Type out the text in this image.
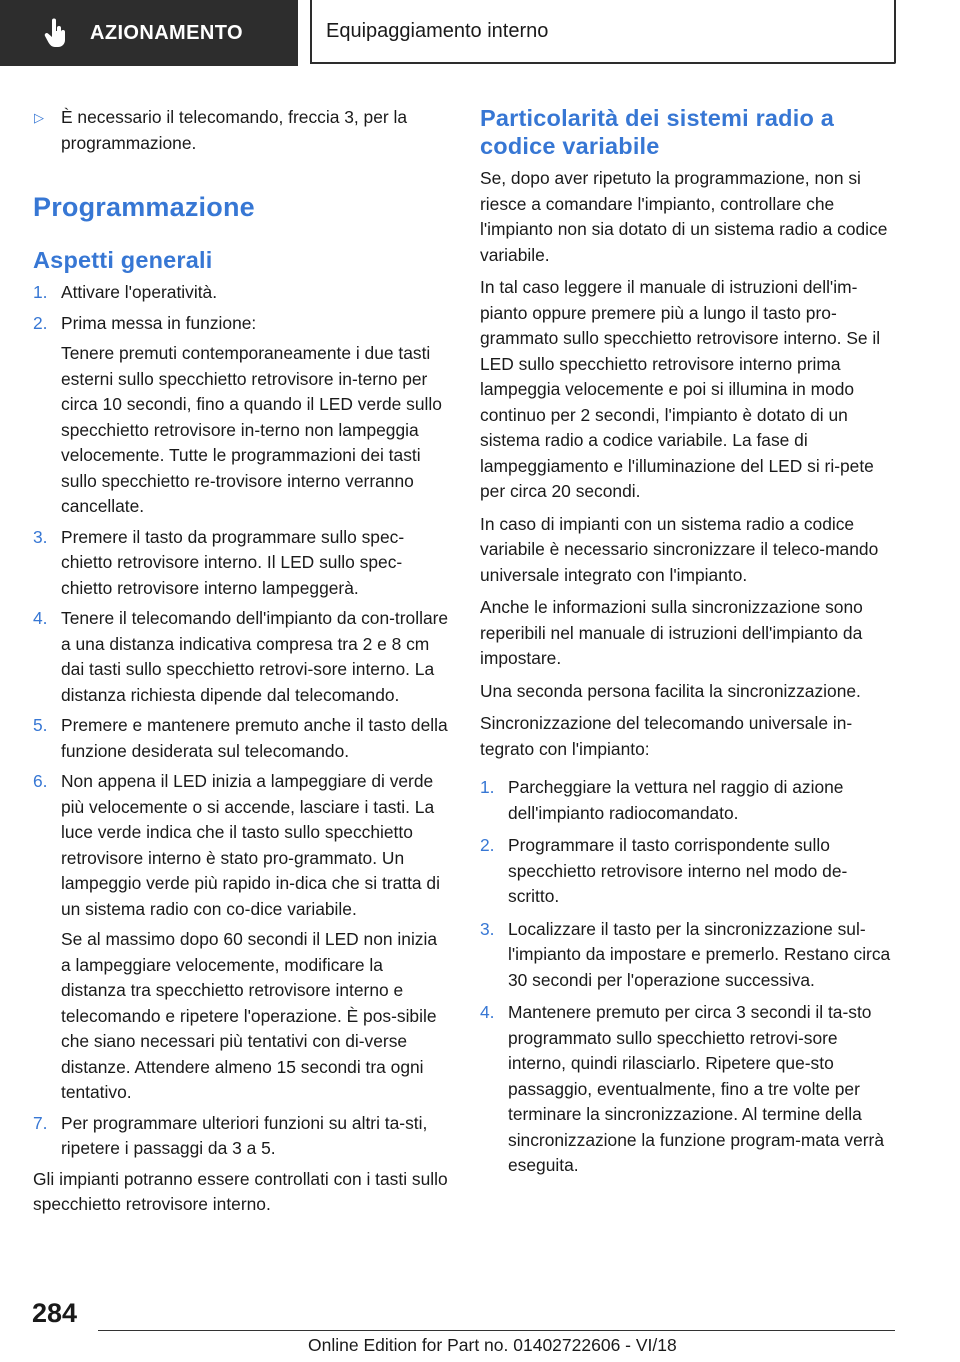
AZIONAMENTO	Equipaggiamento interno
▷ È necessario il telecomando, freccia 3, per la programmazione.

Programmazione
Aspetti generali
1. Attivare l'operatività.

2. Prima messa in funzione:

Tenere premuti contemporaneamente i due tasti esterni sullo specchietto retrovisore in-terno per circa 10 secondi, fino a quando il LED verde sullo specchietto retrovisore in-terno non lampeggia velocemente. Tutte le programmazioni dei tasti sullo specchietto re-trovisore interno verranno cancellate.

3. Premere il tasto da programmare sullo spec-chietto retrovisore interno. Il LED sullo spec-chietto retrovisore interno lampeggerà.

4. Tenere il telecomando dell'impianto da con-trollare a una distanza indicativa compresa tra 2 e 8 cm dai tasti sullo specchietto retrovi-sore interno. La distanza richiesta dipende dal telecomando.

5. Premere e mantenere premuto anche il tasto della funzione desiderata sul telecomando.

6. Non appena il LED inizia a lampeggiare di verde più velocemente o si accende, lasciare i tasti. La luce verde indica che il tasto sullo specchietto retrovisore interno è stato pro-grammato. Un lampeggio verde più rapido in-dica che si tratta di un sistema radio con co-dice variabile.

Se al massimo dopo 60 secondi il LED non inizia a lampeggiare velocemente, modificare la distanza tra specchietto retrovisore interno e telecomando e ripetere l'operazione. È pos-sibile che siano necessari più tentativi con di-verse distanze. Attendere almeno 15 secondi tra ogni tentativo.

7. Per programmare ulteriori funzioni su altri ta-sti, ripetere i passaggi da 3 a 5.

Gli impianti potranno essere controllati con i tasti sullo specchietto retrovisore interno.

Particolarità dei sistemi radio a codice variabile

Se, dopo aver ripetuto la programmazione, non si riesce a comandare l'impianto, controllare che l'impianto non sia dotato di un sistema radio a codice variabile.

In tal caso leggere il manuale di istruzioni dell'im-pianto oppure premere più a lungo il tasto pro-grammato sullo specchietto retrovisore interno. Se il LED sullo specchietto retrovisore interno prima lampeggia velocemente e poi si illumina in modo continuo per 2 secondi, l'impianto è dotato di un sistema radio a codice variabile. La fase di lampeggiamento e l'illuminazione del LED si ri-pete per circa 20 secondi.

In caso di impianti con un sistema radio a codice variabile è necessario sincronizzare il teleco-mando universale integrato con l'impianto.

Anche le informazioni sulla sincronizzazione sono reperibili nel manuale di istruzioni dell'impianto da impostare.

Una seconda persona facilita la sincronizzazione.

Sincronizzazione del telecomando universale in-tegrato con l'impianto:

1. Parcheggiare la vettura nel raggio di azione dell'impianto radiocomandato.

2. Programmare il tasto corrispondente sullo specchietto retrovisore interno nel modo de-scritto.

3. Localizzare il tasto per la sincronizzazione sul-l'impianto da impostare e premerlo. Restano circa 30 secondi per l'operazione successiva.

4. Mantenere premuto per circa 3 secondi il ta-sto programmato sullo specchietto retrovi-sore interno, quindi rilasciarlo. Ripetere que-sto passaggio, eventualmente, fino a tre volte per terminare la sincronizzazione. Al termine della sincronizzazione la funzione program-mata verrà eseguita.

284
Online Edition for Part no. 01402722606 - VI/18
